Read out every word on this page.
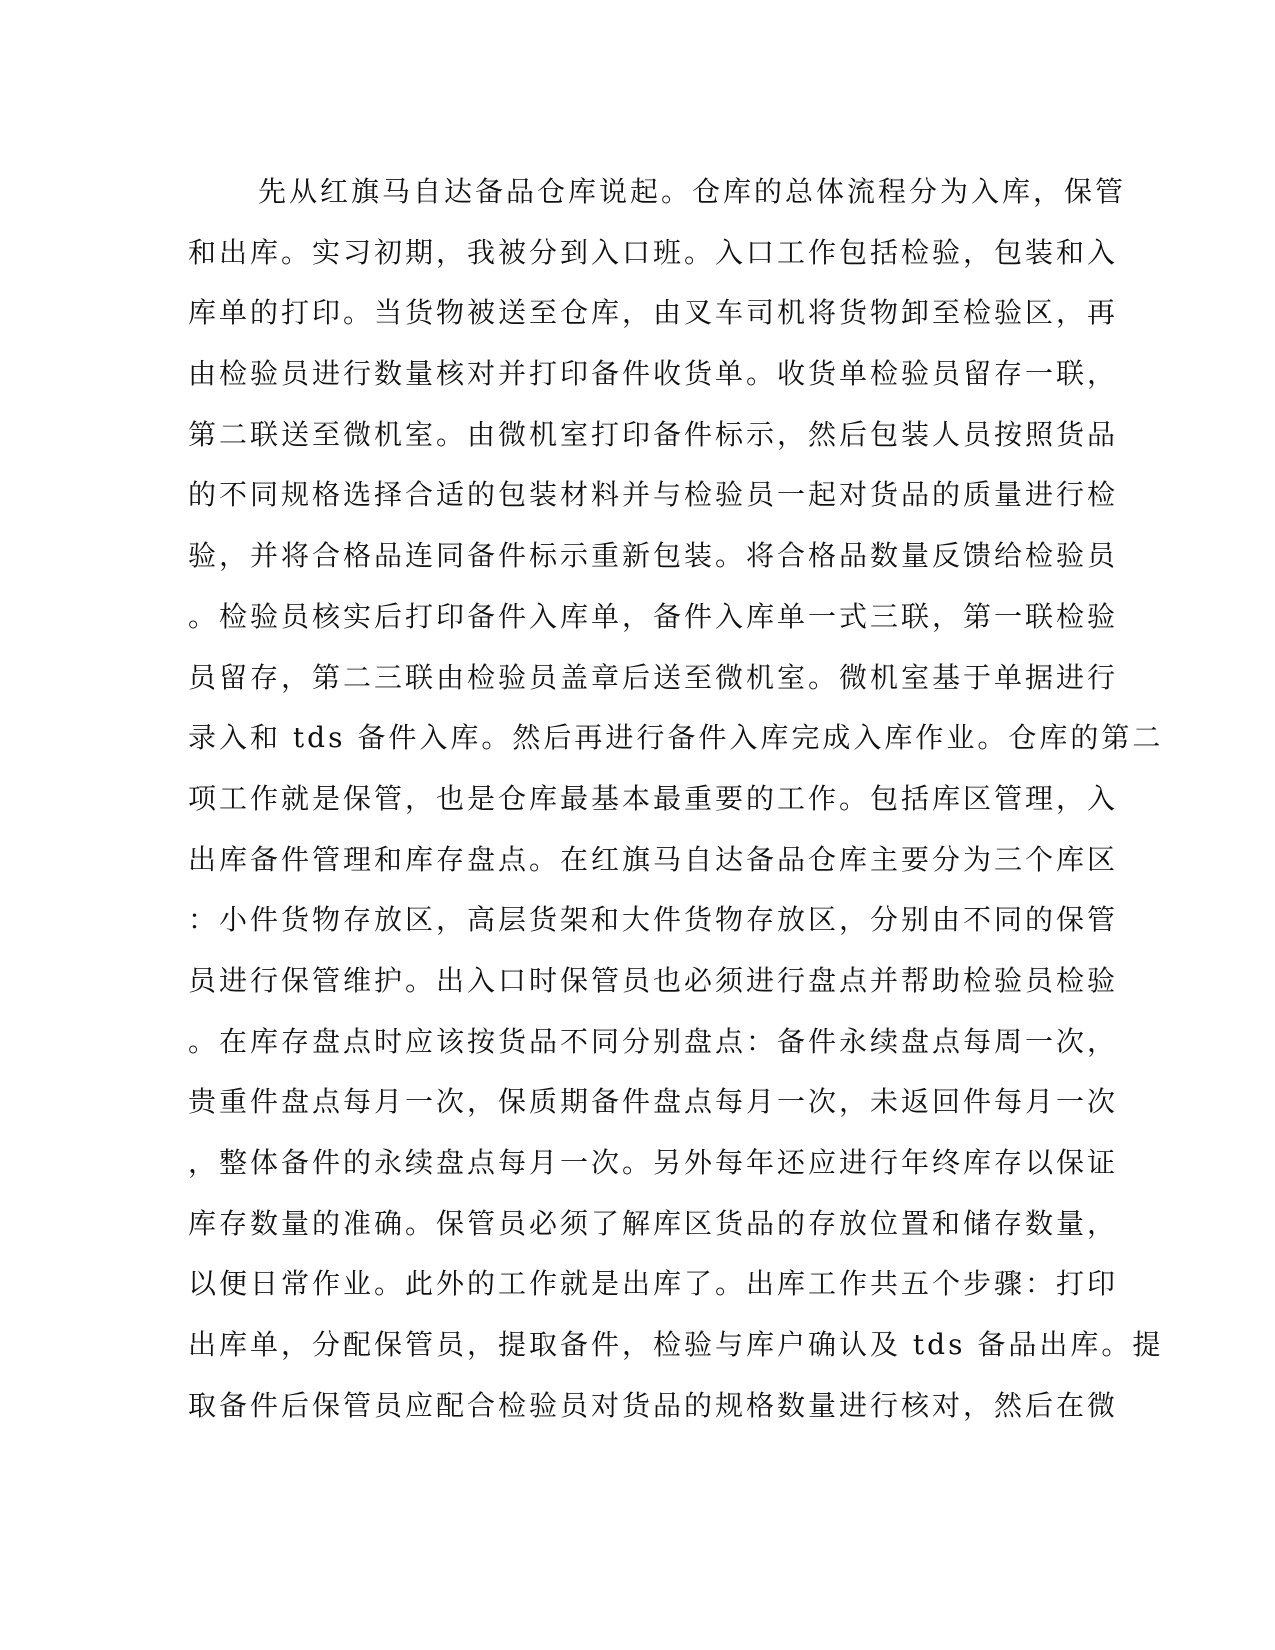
先从红旗马自达备品仓库说起。仓库的总体流程分为入库，保管
和出库。实习初期，我被分到入口班。入口工作包括检验，包装和入
库单的打印。当货物被送至仓库，由叉车司机将货物卸至检验区，再
由检验员进行数量核对并打印备件收货单。收货单检验员留存一联，
第二联送至微机室。由微机室打印备件标示，然后包装人员按照货品
的不同规格选择合适的包装材料并与检验员一起对货品的质量进行检
验，并将合格品连同备件标示重新包装。将合格品数量反馈给检验员
。检验员核实后打印备件入库单，备件入库单一式三联，第一联检验
员留存，第二三联由检验员盖章后送至微机室。微机室基于单据进行
录入和 tds 备件入库。然后再进行备件入库完成入库作业。仓库的第二
项工作就是保管，也是仓库最基本最重要的工作。包括库区管理，入
出库备件管理和库存盘点。在红旗马自达备品仓库主要分为三个库区
：小件货物存放区，高层货架和大件货物存放区，分别由不同的保管
员进行保管维护。出入口时保管员也必须进行盘点并帮助检验员检验
。在库存盘点时应该按货品不同分别盘点：备件永续盘点每周一次，
贵重件盘点每月一次，保质期备件盘点每月一次，未返回件每月一次
，整体备件的永续盘点每月一次。另外每年还应进行年终库存以保证
库存数量的准确。保管员必须了解库区货品的存放位置和储存数量，
以便日常作业。此外的工作就是出库了。出库工作共五个步骤：打印
出库单，分配保管员，提取备件，检验与库户确认及 tds 备品出库。提
取备件后保管员应配合检验员对货品的规格数量进行核对，然后在微
